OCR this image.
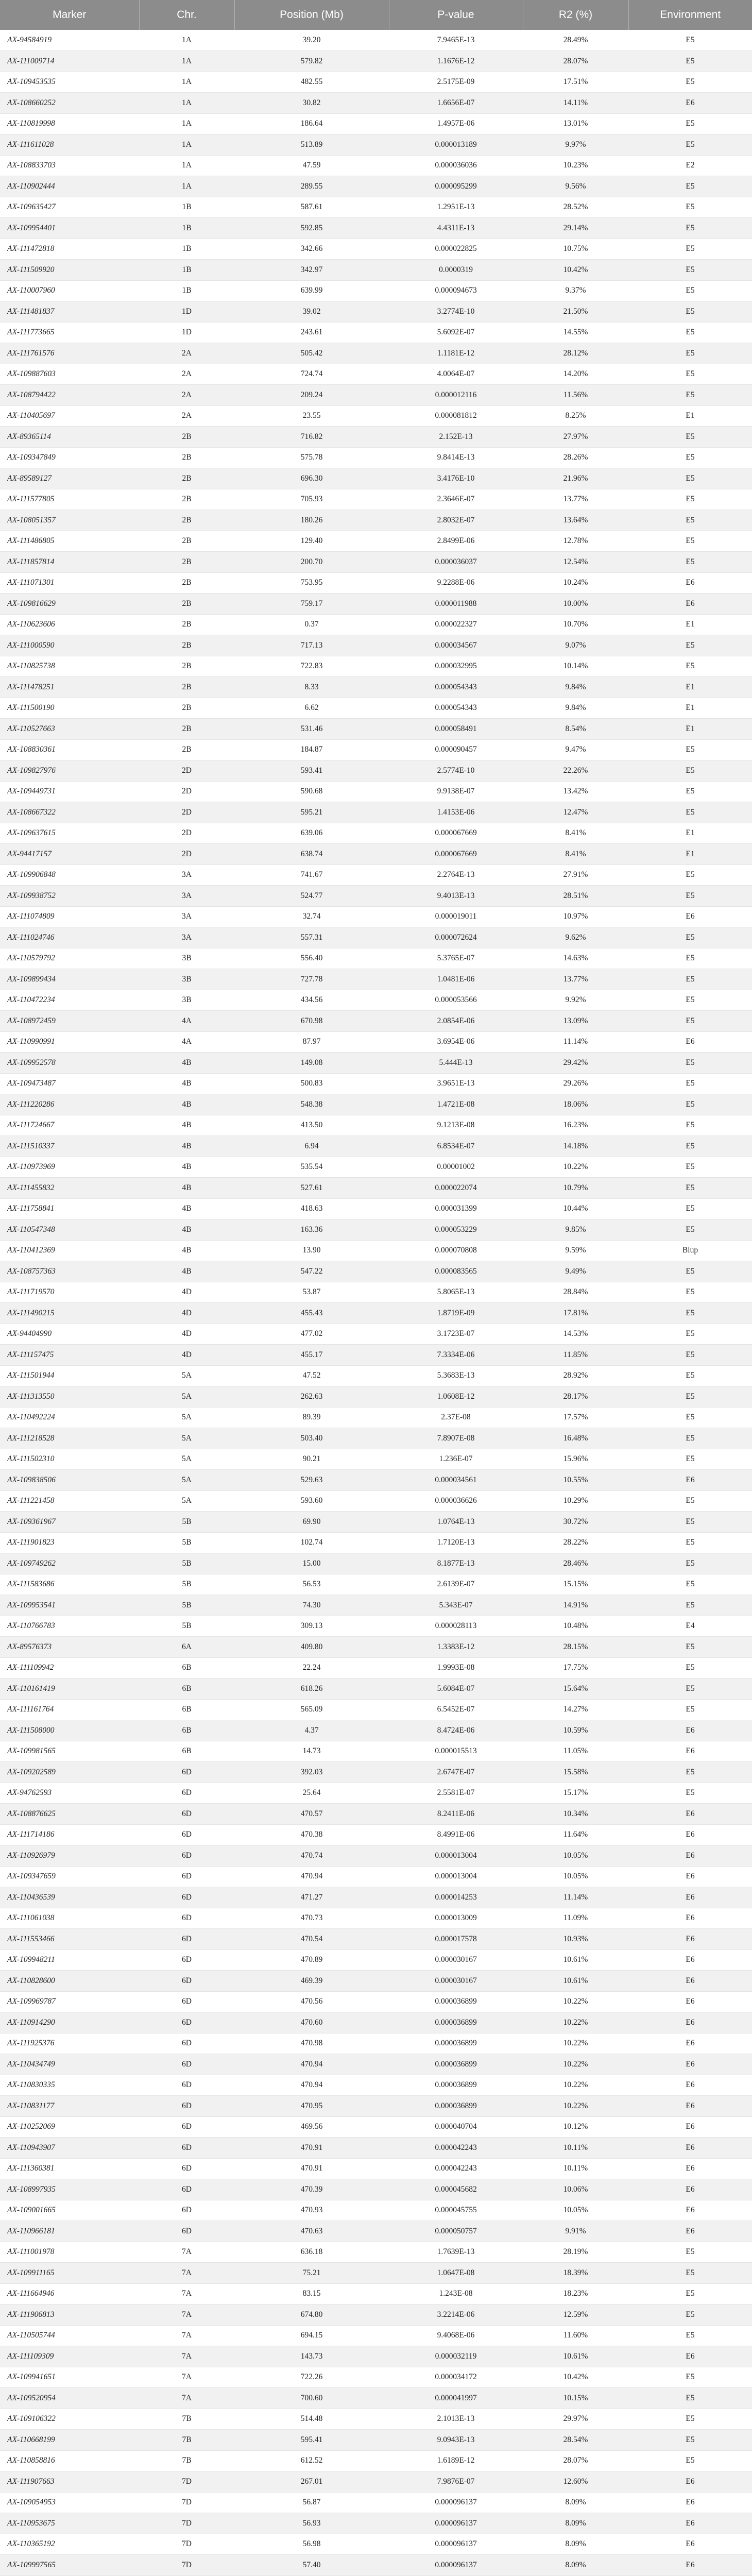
Marker	Chr.	Position (Mb)	P-value	R2 (%)	Environment
AX-94584919	1A	39.20	7.9465E-13	28.49%	E5
AX-111009714	1A	579.82	1.1676E-12	28.07%	E5
AX-109453535	1A	482.55	2.5175E-09	17.51%	E5
AX-108660252	1A	30.82	1.6656E-07	14.11%	E6
AX-110819998	1A	186.64	1.4957E-06	13.01%	E5
AX-111611028	1A	513.89	0.000013189	9.97%	E5
AX-108833703	1A	47.59	0.000036036	10.23%	E2
AX-110902444	1A	289.55	0.000095299	9.56%	E5
AX-109635427	1B	587.61	1.2951E-13	28.52%	E5
AX-109954401	1B	592.85	4.4311E-13	29.14%	E5
AX-111472818	1B	342.66	0.000022825	10.75%	E5
AX-111509920	1B	342.97	0.0000319	10.42%	E5
AX-110007960	1B	639.99	0.000094673	9.37%	E5
AX-111481837	1D	39.02	3.2774E-10	21.50%	E5
AX-111773665	1D	243.61	5.6092E-07	14.55%	E5
AX-111761576	2A	505.42	1.1181E-12	28.12%	E5
AX-109887603	2A	724.74	4.0064E-07	14.20%	E5
AX-108794422	2A	209.24	0.000012116	11.56%	E5
AX-110405697	2A	23.55	0.000081812	8.25%	E1
AX-89365114	2B	716.82	2.152E-13	27.97%	E5
AX-109347849	2B	575.78	9.8414E-13	28.26%	E5
AX-89589127	2B	696.30	3.4176E-10	21.96%	E5
AX-111577805	2B	705.93	2.3646E-07	13.77%	E5
AX-108051357	2B	180.26	2.8032E-07	13.64%	E5
AX-111486805	2B	129.40	2.8499E-06	12.78%	E5
AX-111857814	2B	200.70	0.000036037	12.54%	E5
AX-111071301	2B	753.95	9.2288E-06	10.24%	E6
AX-109816629	2B	759.17	0.000011988	10.00%	E6
AX-110623606	2B	0.37	0.000022327	10.70%	E1
AX-111000590	2B	717.13	0.000034567	9.07%	E5
AX-110825738	2B	722.83	0.000032995	10.14%	E5
AX-111478251	2B	8.33	0.000054343	9.84%	E1
AX-111500190	2B	6.62	0.000054343	9.84%	E1
AX-110527663	2B	531.46	0.000058491	8.54%	E1
AX-108830361	2B	184.87	0.000090457	9.47%	E5
AX-109827976	2D	593.41	2.5774E-10	22.26%	E5
AX-109449731	2D	590.68	9.9138E-07	13.42%	E5
AX-108667322	2D	595.21	1.4153E-06	12.47%	E5
AX-109637615	2D	639.06	0.000067669	8.41%	E1
AX-94417157	2D	638.74	0.000067669	8.41%	E1
AX-109906848	3A	741.67	2.2764E-13	27.91%	E5
AX-109938752	3A	524.77	9.4013E-13	28.51%	E5
AX-111074809	3A	32.74	0.000019011	10.97%	E6
AX-111024746	3A	557.31	0.000072624	9.62%	E5
AX-110579792	3B	556.40	5.3765E-07	14.63%	E5
AX-109899434	3B	727.78	1.0481E-06	13.77%	E5
AX-110472234	3B	434.56	0.000053566	9.92%	E5
AX-108972459	4A	670.98	2.0854E-06	13.09%	E5
AX-110990991	4A	87.97	3.6954E-06	11.14%	E6
AX-109952578	4B	149.08	5.444E-13	29.42%	E5
AX-109473487	4B	500.83	3.9651E-13	29.26%	E5
AX-111220286	4B	548.38	1.4721E-08	18.06%	E5
AX-111724667	4B	413.50	9.1213E-08	16.23%	E5
AX-111510337	4B	6.94	6.8534E-07	14.18%	E5
AX-110973969	4B	535.54	0.00001002	10.22%	E5
AX-111455832	4B	527.61	0.000022074	10.79%	E5
AX-111758841	4B	418.63	0.000031399	10.44%	E5
AX-110547348	4B	163.36	0.000053229	9.85%	E5
AX-110412369	4B	13.90	0.000070808	9.59%	Blup
AX-108757363	4B	547.22	0.000083565	9.49%	E5
AX-111719570	4D	53.87	5.8065E-13	28.84%	E5
AX-111490215	4D	455.43	1.8719E-09	17.81%	E5
AX-94404990	4D	477.02	3.1723E-07	14.53%	E5
AX-111157475	4D	455.17	7.3334E-06	11.85%	E5
AX-111501944	5A	47.52	5.3683E-13	28.92%	E5
AX-111313550	5A	262.63	1.0608E-12	28.17%	E5
AX-110492224	5A	89.39	2.37E-08	17.57%	E5
AX-111218528	5A	503.40	7.8907E-08	16.48%	E5
AX-111502310	5A	90.21	1.236E-07	15.96%	E5
AX-109838506	5A	529.63	0.000034561	10.55%	E6
AX-111221458	5A	593.60	0.000036626	10.29%	E5
AX-109361967	5B	69.90	1.0764E-13	30.72%	E5
AX-111901823	5B	102.74	1.7120E-13	28.22%	E5
AX-109749262	5B	15.00	8.1877E-13	28.46%	E5
AX-111583686	5B	56.53	2.6139E-07	15.15%	E5
AX-109953541	5B	74.30	5.343E-07	14.91%	E5
AX-110766783	5B	309.13	0.000028113	10.48%	E4
AX-89576373	6A	409.80	1.3383E-12	28.15%	E5
AX-111109942	6B	22.24	1.9993E-08	17.75%	E5
AX-110161419	6B	618.26	5.6084E-07	15.64%	E5
AX-111161764	6B	565.09	6.5452E-07	14.27%	E5
AX-111508000	6B	4.37	8.4724E-06	10.59%	E6
AX-109981565	6B	14.73	0.000015513	11.05%	E6
AX-109202589	6D	392.03	2.6747E-07	15.58%	E5
AX-94762593	6D	25.64	2.5581E-07	15.17%	E5
AX-108876625	6D	470.57	8.2411E-06	10.34%	E6
AX-111714186	6D	470.38	8.4991E-06	11.64%	E6
AX-110926979	6D	470.74	0.000013004	10.05%	E6
AX-109347659	6D	470.94	0.000013004	10.05%	E6
AX-110436539	6D	471.27	0.000014253	11.14%	E6
AX-111061038	6D	470.73	0.000013009	11.09%	E6
AX-111553466	6D	470.54	0.000017578	10.93%	E6
AX-109948211	6D	470.89	0.000030167	10.61%	E6
AX-110828600	6D	469.39	0.000030167	10.61%	E6
AX-109969787	6D	470.56	0.000036899	10.22%	E6
AX-110914290	6D	470.60	0.000036899	10.22%	E6
AX-111925376	6D	470.98	0.000036899	10.22%	E6
AX-110434749	6D	470.94	0.000036899	10.22%	E6
AX-110830335	6D	470.94	0.000036899	10.22%	E6
AX-110831177	6D	470.95	0.000036899	10.22%	E6
AX-110252069	6D	469.56	0.000040704	10.12%	E6
AX-110943907	6D	470.91	0.000042243	10.11%	E6
AX-111360381	6D	470.91	0.000042243	10.11%	E6
AX-108997935	6D	470.39	0.000045682	10.06%	E6
AX-109001665	6D	470.93	0.000045755	10.05%	E6
AX-110966181	6D	470.63	0.000050757	9.91%	E6
AX-111001978	7A	636.18	1.7639E-13	28.19%	E5
AX-109911165	7A	75.21	1.0647E-08	18.39%	E5
AX-111664946	7A	83.15	1.243E-08	18.23%	E5
AX-111906813	7A	674.80	3.2214E-06	12.59%	E5
AX-110505744	7A	694.15	9.4068E-06	11.60%	E5
AX-111109309	7A	143.73	0.000032119	10.61%	E6
AX-109941651	7A	722.26	0.000034172	10.42%	E5
AX-109520954	7A	700.60	0.000041997	10.15%	E5
AX-109106322	7B	514.48	2.1013E-13	29.97%	E5
AX-110668199	7B	595.41	9.0943E-13	28.54%	E5
AX-110858816	7B	612.52	1.6189E-12	28.07%	E5
AX-111907663	7D	267.01	7.9876E-07	12.60%	E6
AX-109054953	7D	56.87	0.000096137	8.09%	E6
AX-110953675	7D	56.93	0.000096137	8.09%	E6
AX-110365192	7D	56.98	0.000096137	8.09%	E6
AX-109997565	7D	57.40	0.000096137	8.09%	E6
